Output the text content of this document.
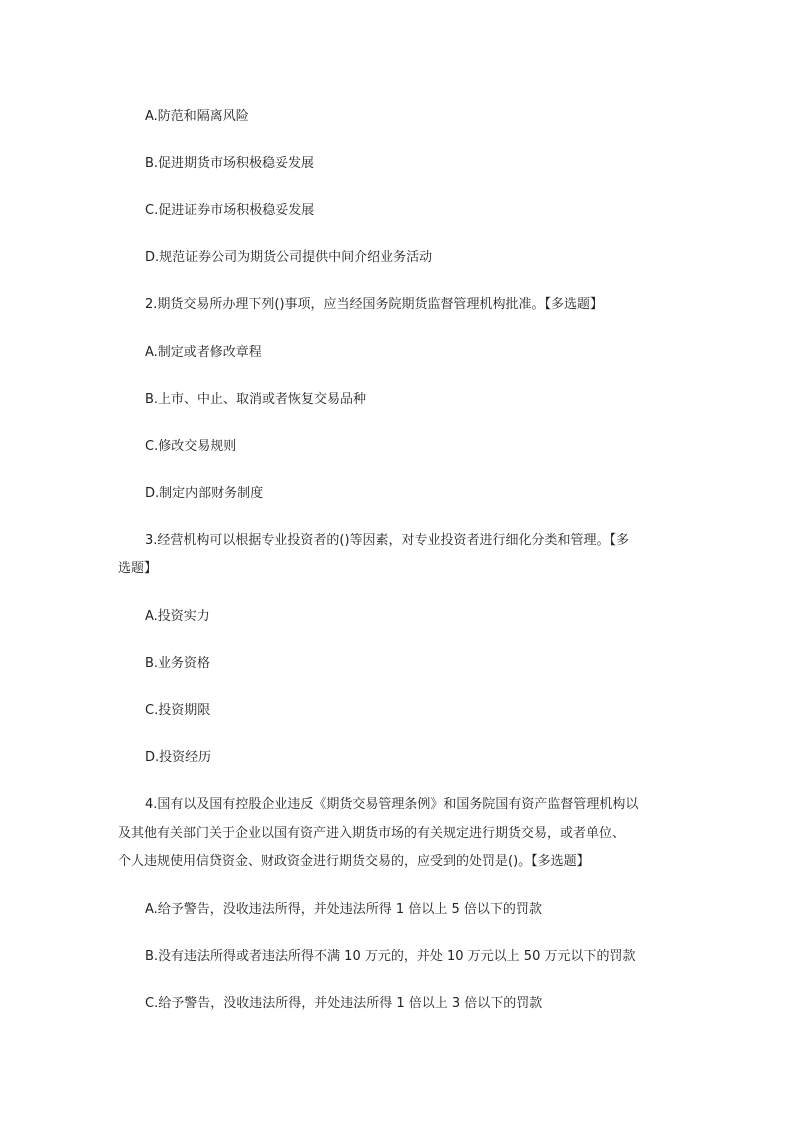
A.防范和隔离风险

B.促进期货市场积极稳妥发展

C.促进证券市场积极稳妥发展

D.规范证券公司为期货公司提供中间介绍业务活动

2.期货交易所办理下列()事项，应当经国务院期货监督管理机构批准。【多选题】

A.制定或者修改章程

B.上市、中止、取消或者恢复交易品种

C.修改交易规则

D.制定内部财务制度

3.经营机构可以根据专业投资者的()等因素，对专业投资者进行细化分类和管理。【多

选题】

A.投资实力

B.业务资格

C.投资期限

D.投资经历

4.国有以及国有控股企业违反《期货交易管理条例》和国务院国有资产监督管理机构以

及其他有关部门关于企业以国有资产进入期货市场的有关规定进行期货交易，或者单位、

个人违规使用信贷资金、财政资金进行期货交易的，应受到的处罚是()。【多选题】

A.给予警告，没收违法所得，并处违法所得 1 倍以上 5 倍以下的罚款

B.没有违法所得或者违法所得不满 10 万元的，并处 10 万元以上 50 万元以下的罚款

C.给予警告，没收违法所得，并处违法所得 1 倍以上 3 倍以下的罚款
